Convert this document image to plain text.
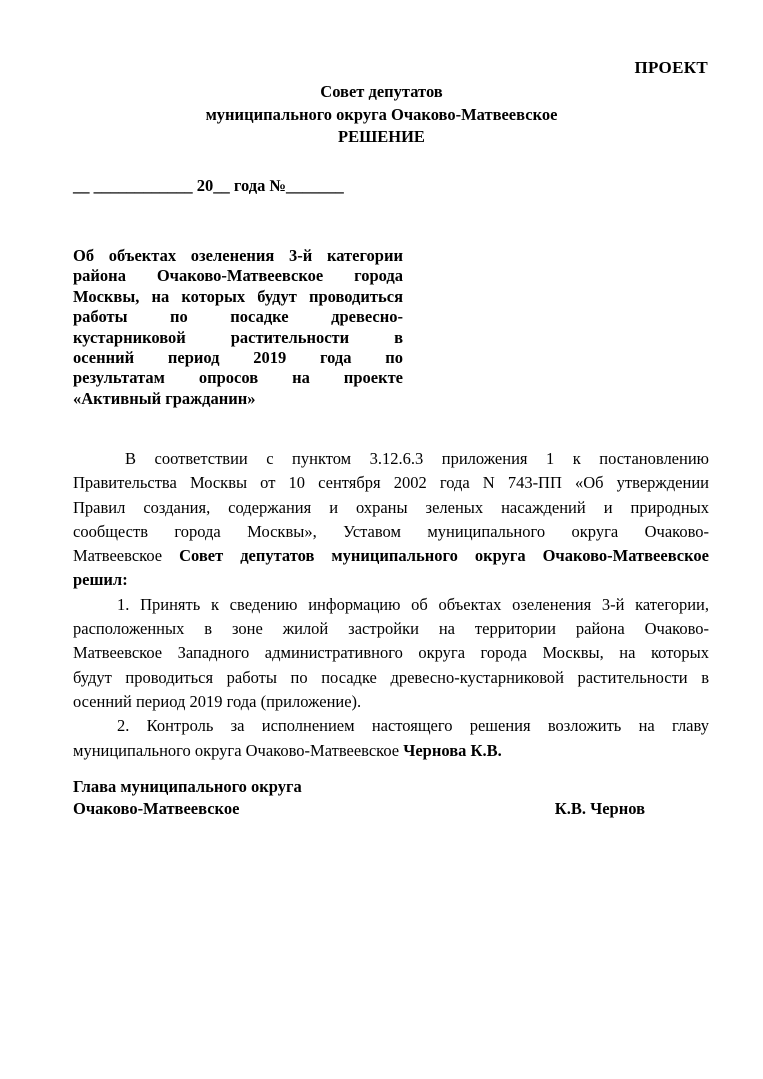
ПРОЕКТ
Совет депутатов
муниципального округа Очаково-Матвеевское
РЕШЕНИЕ
__ ____________ 20__ года №_______
Об объектах озеленения 3-й категории
района Очаково-Матвеевское города
Москвы, на которых будут проводиться
работы по посадке древесно-
кустарниковой растительности в
осенний период 2019 года по
результатам опросов на проекте
«Активный гражданин»
В соответствии с пунктом 3.12.6.3 приложения 1 к постановлению
Правительства Москвы от 10 сентября 2002 года N 743-ПП «Об утверждении
Правил создания, содержания и охраны зеленых насаждений и природных
сообществ города Москвы», Уставом муниципального округа Очаково-
Матвеевское Совет депутатов муниципального округа Очаково-Матвеевское
решил:
1. Принять к сведению информацию об объектах озеленения 3-й категории,
расположенных в зоне жилой застройки на территории района Очаково-
Матвеевское Западного административного округа города Москвы, на которых
будут проводиться работы по посадке древесно-кустарниковой растительности в
осенний период 2019 года (приложение).
2. Контроль за исполнением настоящего решения возложить на главу
муниципального округа Очаково-Матвеевское Чернова К.В.
Глава муниципального округа
Очаково-Матвеевское	К.В. Чернов
